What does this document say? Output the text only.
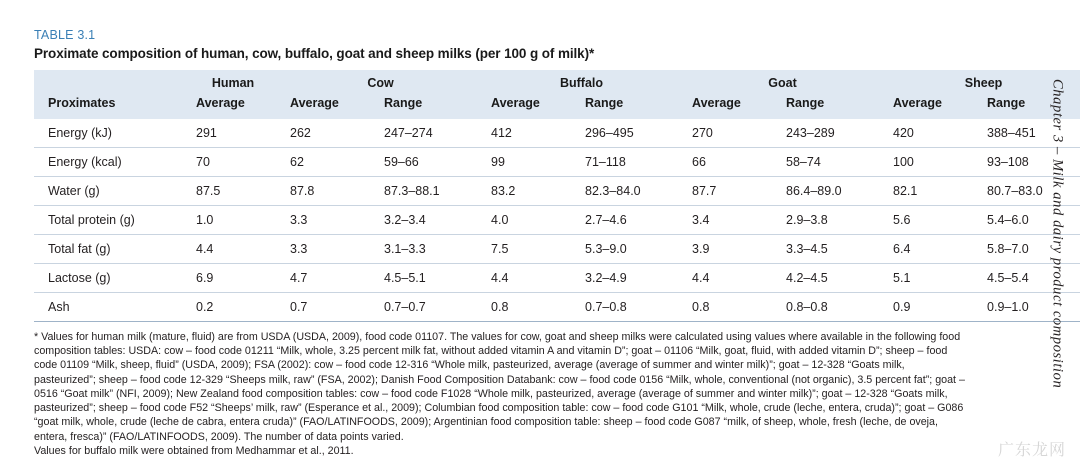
TABLE 3.1
Proximate composition of human, cow, buffalo, goat and sheep milks (per 100 g of milk)*
Proximates	Human	Cow		Buffalo		Goat		Sheep	
	Average	Average	Range	Average	Range	Average	Range	Average	Range
Energy (kJ)	291	262	247–274	412	296–495	270	243–289	420	388–451
Energy (kcal)	70	62	59–66	99	71–118	66	58–74	100	93–108
Water (g)	87.5	87.8	87.3–88.1	83.2	82.3–84.0	87.7	86.4–89.0	82.1	80.7–83.0
Total protein (g)	1.0	3.3	3.2–3.4	4.0	2.7–4.6	3.4	2.9–3.8	5.6	5.4–6.0
Total fat (g)	4.4	3.3	3.1–3.3	7.5	5.3–9.0	3.9	3.3–4.5	6.4	5.8–7.0
Lactose (g)	6.9	4.7	4.5–5.1	4.4	3.2–4.9	4.4	4.2–4.5	5.1	4.5–5.4
Ash	0.2	0.7	0.7–0.7	0.8	0.7–0.8	0.8	0.8–0.8	0.9	0.9–1.0

* Values for human milk (mature, fluid) are from USDA (USDA, 2009), food code 01107. The values for cow, goat and sheep milks were calculated using values where available in the following food composition tables: USDA: cow – food code 01211 “Milk, whole, 3.25 percent milk fat, without added vitamin A and vitamin D”; goat – 01106 “Milk, goat, fluid, with added vitamin D”; sheep – food code 01109 “Milk, sheep, fluid” (USDA, 2009); FSA (2002): cow – food code 12-316 “Whole milk, pasteurized, average (average of summer and winter milk)”; goat – 12-328 “Goats milk, pasteurized”; sheep – food code 12-329 “Sheeps milk, raw” (FSA, 2002); Danish Food Composition Databank: cow – food code 0156 “Milk, whole, conventional (not organic), 3.5 percent fat”; goat – 0516 “Goat milk” (NFI, 2009); New Zealand food composition tables: cow – food code F1028 “Whole milk, pasteurized, average (average of summer and winter milk)”; goat – 12-328 “Goats milk, pasteurized”; sheep – food code F52 “Sheeps’ milk, raw” (Esperance et al., 2009); Columbian food composition table: cow – food code G101 “Milk, whole, crude (leche, entera, cruda)”; goat – G086 “goat milk, whole, crude (leche de cabra, entera cruda)” (FAO/LATINFOODS, 2009); Argentinian food composition table: sheep – food code G087 “milk, of sheep, whole, fresh (leche, de oveja, entera, fresca)” (FAO/LATINFOODS, 2009). The number of data points varied.

Values for buffalo milk were obtained from Medhammar et al., 2011.

Chapter 3 – Milk and dairy product composition
广东龙网
